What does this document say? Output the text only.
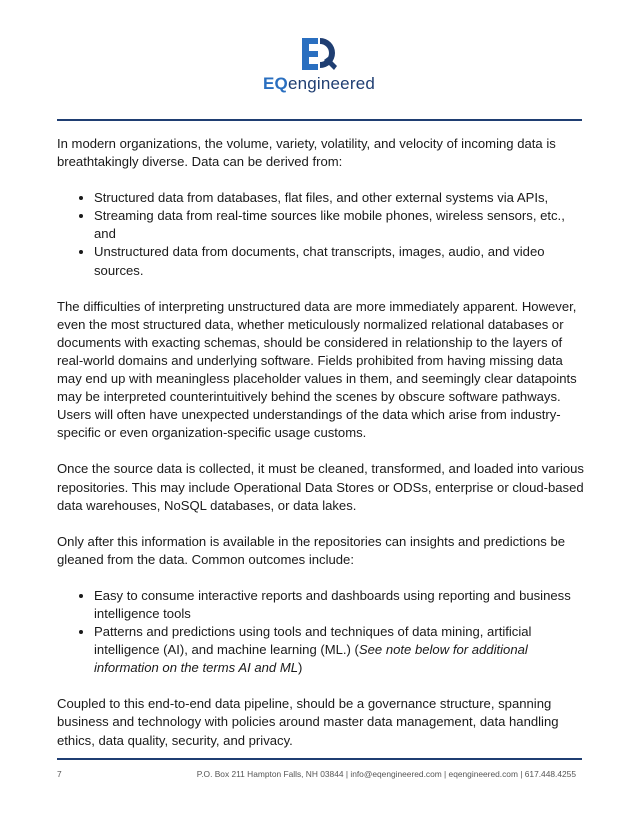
EQengineered

In modern organizations, the volume, variety, volatility, and velocity of incoming data is breathtakingly diverse. Data can be derived from:

• Structured data from databases, flat files, and other external systems via APIs,
• Streaming data from real-time sources like mobile phones, wireless sensors, etc., and
• Unstructured data from documents, chat transcripts, images, audio, and video sources.

The difficulties of interpreting unstructured data are more immediately apparent. However, even the most structured data, whether meticulously normalized relational databases or documents with exacting schemas, should be considered in relationship to the layers of real-world domains and underlying software. Fields prohibited from having missing data may end up with meaningless placeholder values in them, and seemingly clear datapoints may be interpreted counterintuitively behind the scenes by obscure software pathways. Users will often have unexpected understandings of the data which arise from industry-specific or even organization-specific usage customs.

Once the source data is collected, it must be cleaned, transformed, and loaded into various repositories. This may include Operational Data Stores or ODSs, enterprise or cloud-based data warehouses, NoSQL databases, or data lakes.

Only after this information is available in the repositories can insights and predictions be gleaned from the data. Common outcomes include:

• Easy to consume interactive reports and dashboards using reporting and business intelligence tools
• Patterns and predictions using tools and techniques of data mining, artificial intelligence (AI), and machine learning (ML.) (See note below for additional information on the terms AI and ML)

Coupled to this end-to-end data pipeline, should be a governance structure, spanning business and technology with policies around master data management, data handling ethics, data quality, security, and privacy.

7	P.O. Box 211 Hampton Falls, NH 03844 | info@eqengineered.com | eqengineered.com | 617.448.4255
